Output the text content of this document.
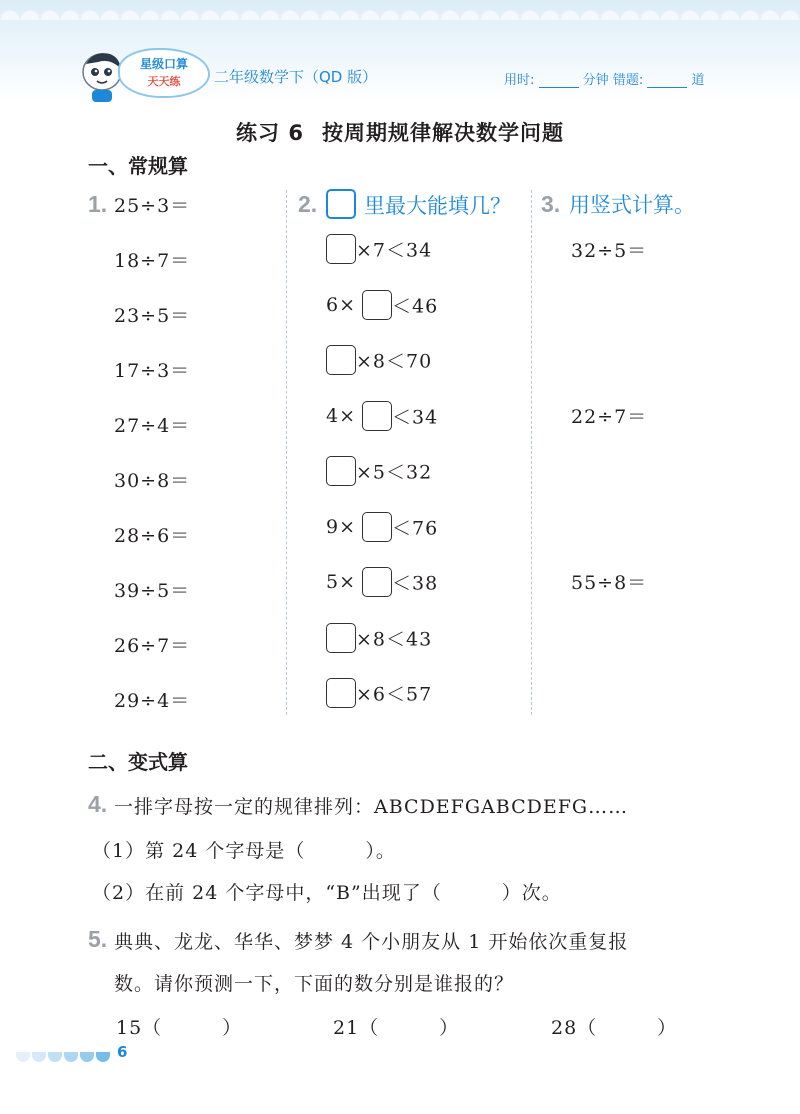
星级口算
天天练	二年级数学下（QD 版）	用时:	分钟 错题:	道
练习 6 按周期规律解决数学问题
一、常规算
1. 25÷3＝
18÷7＝
23÷5＝
17÷3＝
27÷4＝
30÷8＝
28÷6＝
39÷5＝
26÷7＝
29÷4＝
2. 里最大能填几？
×7＜34
6× ＜46
×8＜70
4× ＜34
×5＜32
9× ＜76
5× ＜38
×8＜43
×6＜57
3. 用竖式计算。
32÷5＝
22÷7＝
55÷8＝
二、变式算
4. 一排字母按一定的规律排列：ABCDEFGABCDEFG……
（1）第 24 个字母是（　　　）。
（2）在前 24 个字母中，“B”出现了（　　　）次。
5. 典典、龙龙、华华、梦梦 4 个小朋友从 1 开始依次重复报
数。请你预测一下，下面的数分别是谁报的？
15（　　　）	21（　　　）	28（　　　）
6
